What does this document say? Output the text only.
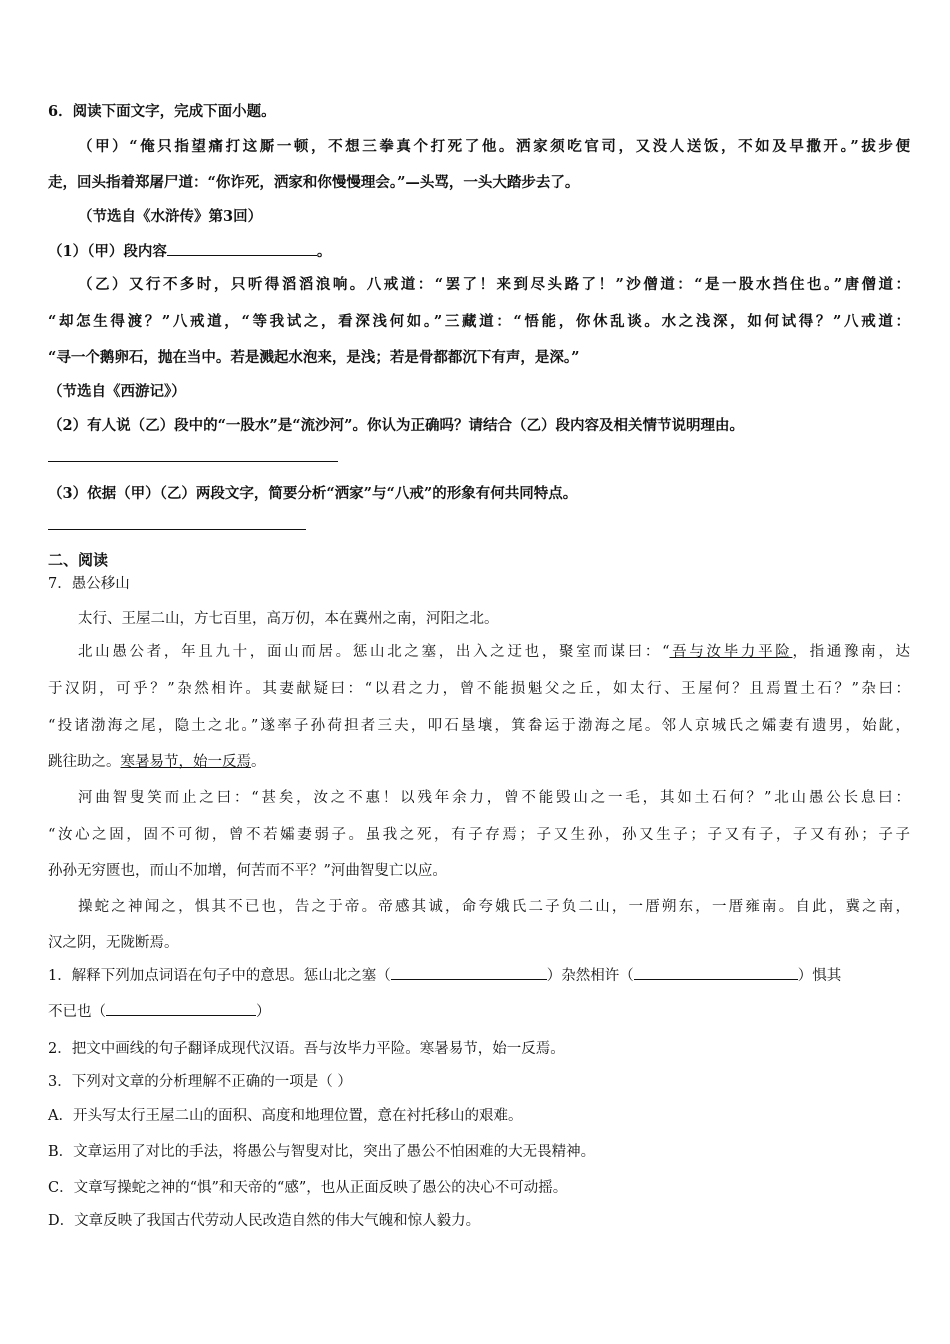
6．阅读下面文字，完成下面小题。
（甲）“俺只指望痛打这厮一顿，不想三拳真个打死了他。洒家须吃官司，又没人送饭，不如及早撒开。”拔步便
走，回头指着郑屠尸道：“你诈死，洒家和你慢慢理会。”—头骂，一头大踏步去了。
（节选自《水浒传》第3回）
（1）（甲）段内容	。
（乙）又行不多时，只听得滔滔浪响。八戒道：“罢了！来到尽头路了！”沙僧道：“是一股水挡住也。”唐僧道：
“却怎生得渡？”八戒道，“等我试之，看深浅何如。”三藏道：“悟能，你休乱谈。水之浅深，如何试得？”八戒道：
“寻一个鹅卵石，抛在当中。若是溅起水泡来，是浅；若是骨都都沉下有声，是深。”
（节选自《西游记》）
（2）有人说（乙）段中的“一股水”是“流沙河”。你认为正确吗？请结合（乙）段内容及相关情节说明理由。
（3）依据（甲）（乙）两段文字，简要分析“洒家”与“八戒”的形象有何共同特点。
二、阅读
7．愚公移山
太行、王屋二山，方七百里，高万仞，本在冀州之南，河阳之北。
北山愚公者，年且九十，面山而居。惩山北之塞，出入之迂也，聚室而谋曰：“吾与汝毕力平险，指通豫南，达
于汉阴，可乎？”杂然相许。其妻献疑曰：“以君之力，曾不能损魁父之丘，如太行、王屋何？且焉置土石？”杂曰：
“投诸渤海之尾，隐土之北。”遂率子孙荷担者三夫，叩石垦壤，箕畚运于渤海之尾。邻人京城氏之孀妻有遗男，始龀，
跳往助之。寒暑易节，始一反焉。
河曲智叟笑而止之曰：“甚矣，汝之不惠！以残年余力，曾不能毁山之一毛，其如土石何？”北山愚公长息曰：
“汝心之固，固不可彻，曾不若孀妻弱子。虽我之死，有子存焉；子又生孙，孙又生子；子又有子，子又有孙；子子
孙孙无穷匮也，而山不加增，何苦而不平？”河曲智叟亡以应。
操蛇之神闻之，惧其不已也，告之于帝。帝感其诚，命夸娥氏二子负二山，一厝朔东，一厝雍南。自此，冀之南，
汉之阴，无陇断焉。
1．解释下列加点词语在句子中的意思。惩山北之塞（	）杂然相许（	）惧其
不已也（	）
2．把文中画线的句子翻译成现代汉语。吾与汝毕力平险。寒暑易节，始一反焉。
3．下列对文章的分析理解不正确的一项是（ ）
A．开头写太行王屋二山的面积、高度和地理位置，意在衬托移山的艰难。
B．文章运用了对比的手法，将愚公与智叟对比，突出了愚公不怕困难的大无畏精神。
C．文章写操蛇之神的“惧”和天帝的“感”，也从正面反映了愚公的决心不可动摇。
D．文章反映了我国古代劳动人民改造自然的伟大气魄和惊人毅力。
